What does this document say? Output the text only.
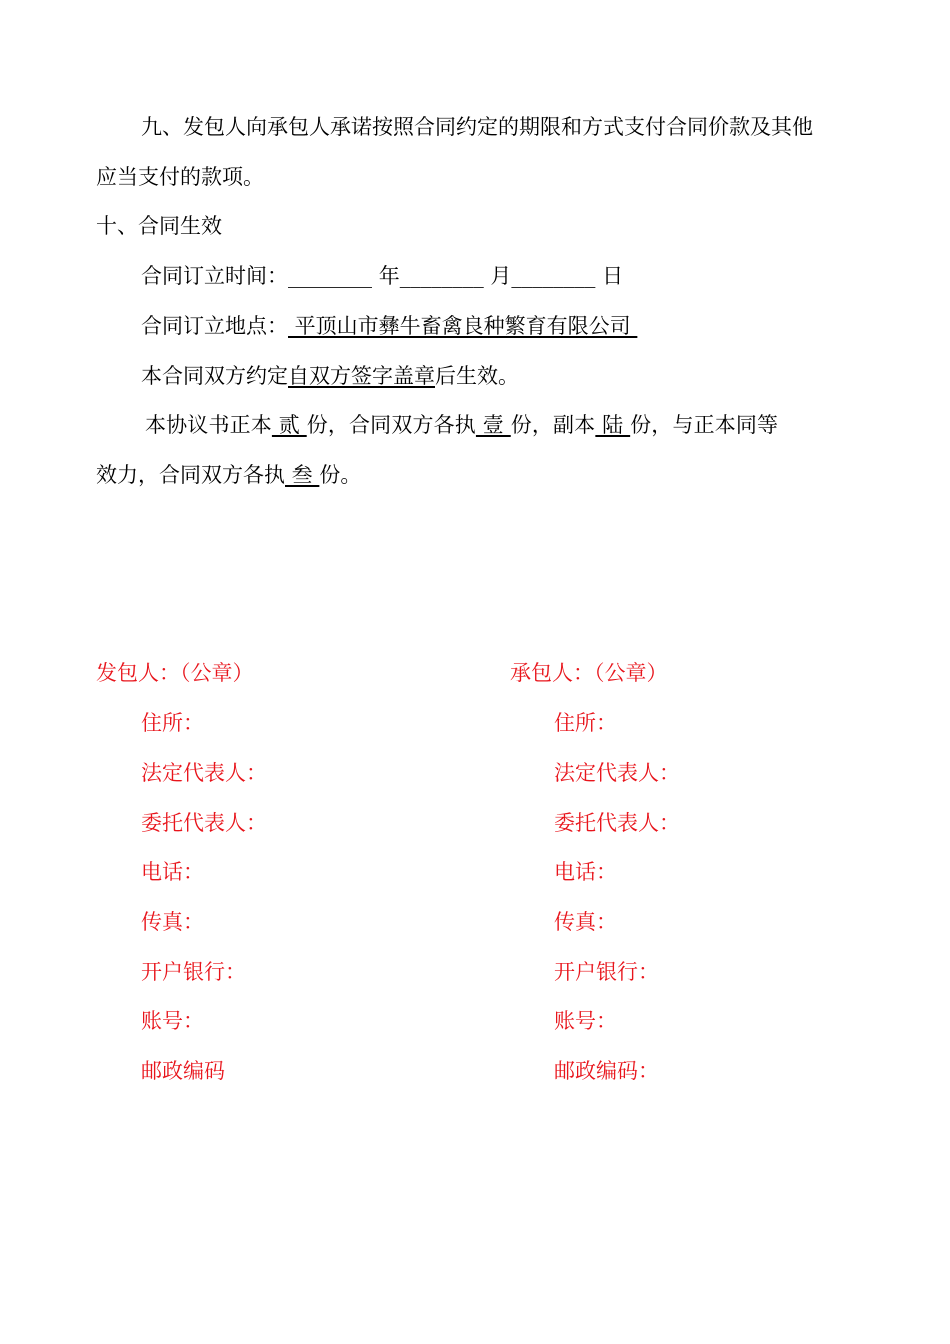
九、发包人向承包人承诺按照合同约定的期限和方式支付合同价款及其他
应当支付的款项。
十、合同生效
合同订立时间：________ 年________ 月________ 日
合同订立地点： 平顶山市彝牛畜禽良种繁育有限公司
本合同双方约定自双方签字盖章后生效。
本协议书正本 贰 份，合同双方各执 壹 份，副本 陆 份，与正本同等
效力，合同双方各执 叁 份。
发包人：（公章）
住所：
法定代表人：
委托代表人：
电话：
传真：
开户银行：
账号：
邮政编码
承包人：（公章）
住所：
法定代表人：
委托代表人：
电话：
传真：
开户银行：
账号：
邮政编码：
